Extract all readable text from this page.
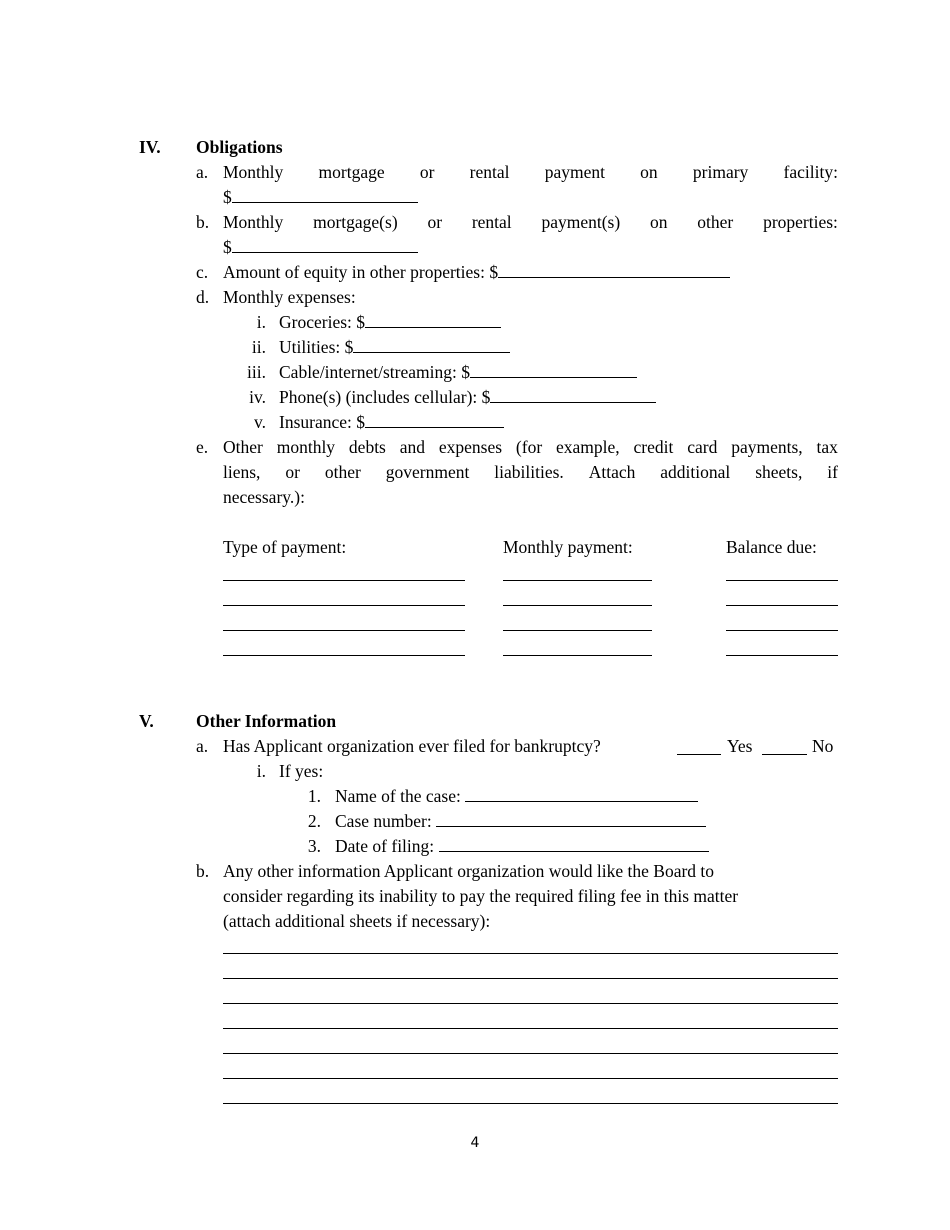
IV. Obligations
a. Monthly mortgage or rental payment on primary facility:
$
b. Monthly mortgage(s) or rental payment(s) on other properties:
$
c. Amount of equity in other properties: $
d. Monthly expenses:
i. Groceries: $
ii. Utilities: $
iii. Cable/internet/streaming: $
iv. Phone(s) (includes cellular): $
v. Insurance: $
e. Other monthly debts and expenses (for example, credit card payments, tax
liens, or other government liabilities. Attach additional sheets, if
necessary.):
Type of payment:	Monthly payment:	Balance due:
V. Other Information
a. Has Applicant organization ever filed for bankruptcy?	Yes	No
i. If yes:
1. Name of the case:
2. Case number:
3. Date of filing:
b. Any other information Applicant organization would like the Board to
consider regarding its inability to pay the required filing fee in this matter
(attach additional sheets if necessary):
4
